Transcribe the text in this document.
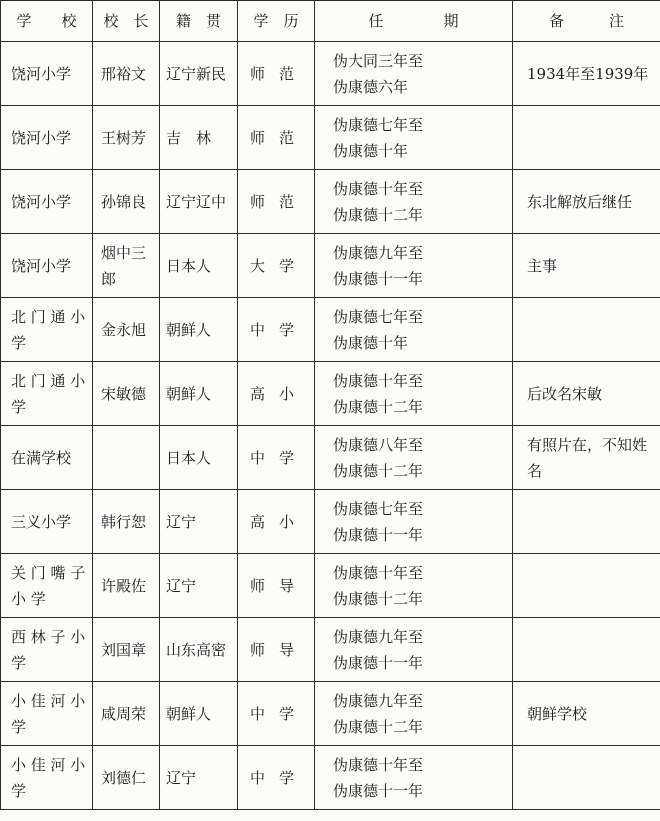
学　　校	校　长	籍　贯	学　历	任　　　　期	备　　　注
饶河小学	邢裕文	辽宁新民	师范	伪大同三年至
伪康德六年	1934年至1939年
饶河小学	王树芳	吉　林	师范	伪康德七年至
伪康德十年	

饶河小学	孙锦良	辽宁辽中	师范	伪康德十年至
伪康德十二年	东北解放后继任
饶河小学	烟中三郎	日本人	大学	伪康德九年至
伪康德十一年	主事
北 门 通 小 学	金永旭	朝鲜人	中学	伪康德七年至
伪康德十年	

北 门 通 小 学	宋敏德	朝鲜人	高小	伪康德十年至
伪康德十二年	后改名宋敏
在满学校		日本人	中学	伪康德八年至
伪康德十二年	有照片在，不知姓名
三义小学	韩行恕	辽宁	高小	伪康德七年至
伪康德十一年	

关 门 嘴 子 小 学	许殿佐	辽宁	师导	伪康德十年至
伪康德十二年	

西 林 子 小 学	刘国章	山东高密	师导	伪康德九年至
伪康德十一年	

小 佳 河 小 学	咸周荣	朝鲜人	中学	伪康德九年至
伪康德十二年	朝鲜学校
小 佳 河 小 学	刘德仁	辽宁	中学	伪康德十年至
伪康德十一年	
